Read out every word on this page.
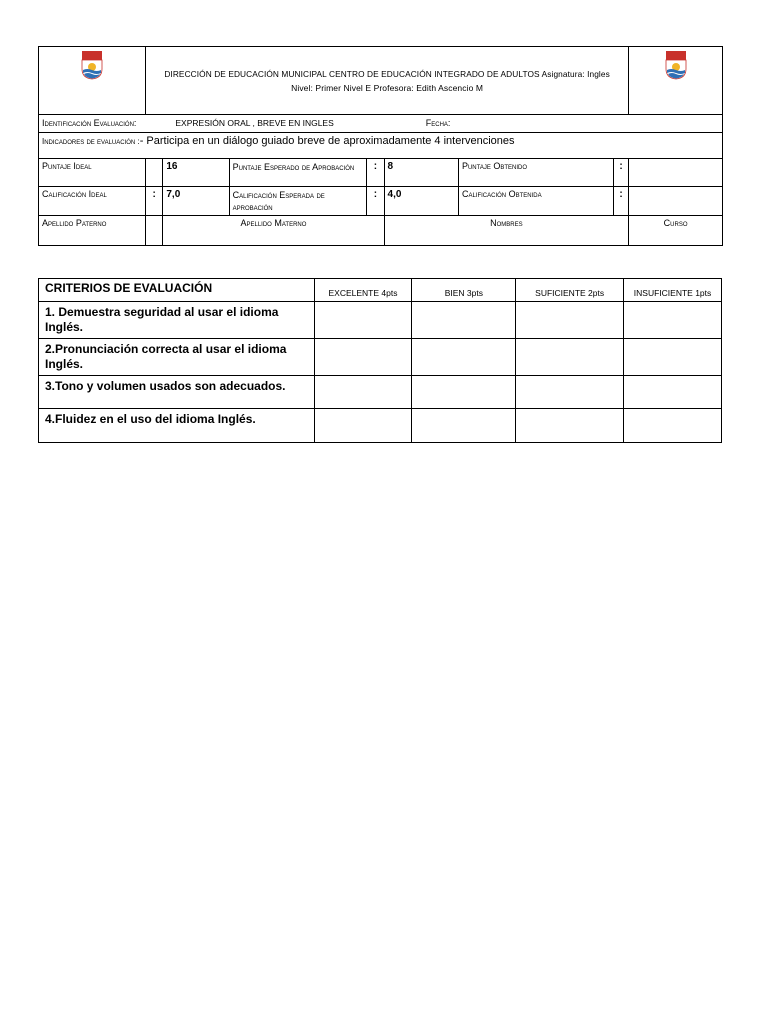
DIRECCIÓN DE EDUCACIÓN MUNICIPAL CENTRO DE EDUCACIÓN INTEGRADO DE ADULTOS Asignatura: Ingles
Nivel: Primer Nivel E Profesora: Edith Ascencio M

Identificación Evaluación: EXPRESIÓN ORAL , BREVE EN INGLES Fecha:								
Indicadores de evaluación :- Participa en un diálogo guiado breve de aproximadamente 4 intervenciones								
Puntaje Ideal		16	Puntaje Esperado de Aprobación	:	8	Puntaje Obtenido	:	
Calificación Ideal	:	7,0	Calificación Esperada de aprobación	:	4,0	Calificación Obtenida	:	
Apellido Paterno		Apellido Materno			Nombres			Curso
CRITERIOS DE EVALUACIÓN	EXCELENTE 4pts	BIEN 3pts	SUFICIENTE 2pts	INSUFICIENTE 1pts
1. Demuestra seguridad al usar el idioma Inglés.				
2.Pronunciación correcta al usar el idioma Inglés.				
3.Tono y volumen usados son adecuados.				
4.Fluidez en el uso del idioma Inglés.				
